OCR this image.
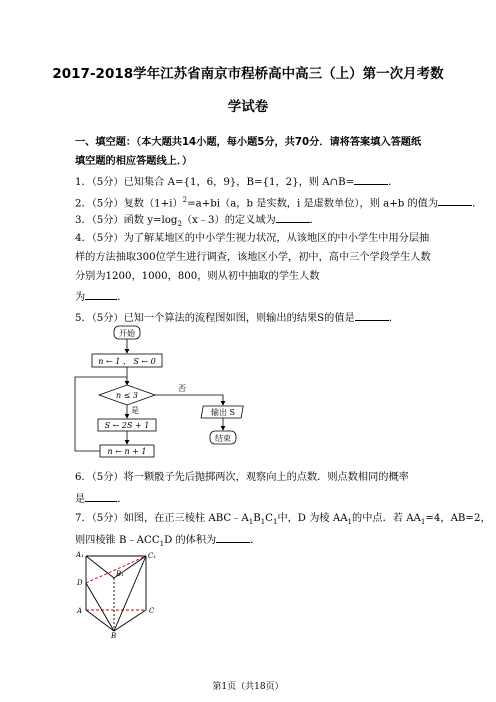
2017-2018学年江苏省南京市程桥高中高三（上）第一次月考数
学试卷
一、填空题：（本大题共14小题，每小题5分，共70分．请将答案填入答题纸
填空题的相应答题线上．）
1．（5分）已知集合 A={1，6，9}，B={1，2}，则 A∩B=	．
2．（5分）复数$(1+i)^2=a+bi(a$，b 是实数，i 是虚数单位），则 a+b 的值为	．
3．（5分）函数 $y=\log_2(x﹣3)$的定义域为	．
4．（5分）为了解某地区的中小学生视力状况，从该地区的中小学生中用分层抽
样的方法抽取300位学生进行调查，该地区小学，初中，高中三个学段学生人数
分别为1200，1000，800，则从初中抽取的学生人数
为	．
5．（5分）已知一个算法的流程图如图，则输出的结果S的值是	．
开始
n ← 1 ， S ← 0
n ≤ 3
否
输出 S
结束
是
S ← 2S + 1
n ← n + 1
6．（5分）将一颗骰子先后抛掷两次，观察向上的点数．则点数相同的概率
是	．
7．（5分）如图，在正三棱柱 $ABC﹣A_1B_1C_1$中，D 为棱 $AA_1$的中点．若 $AA_1=4$，AB=2，
则四棱锥 $B﹣ACC_1D$ 的体积为	．
A₁	C₁
B₁
D
A	C
B
第1页（共18页）
